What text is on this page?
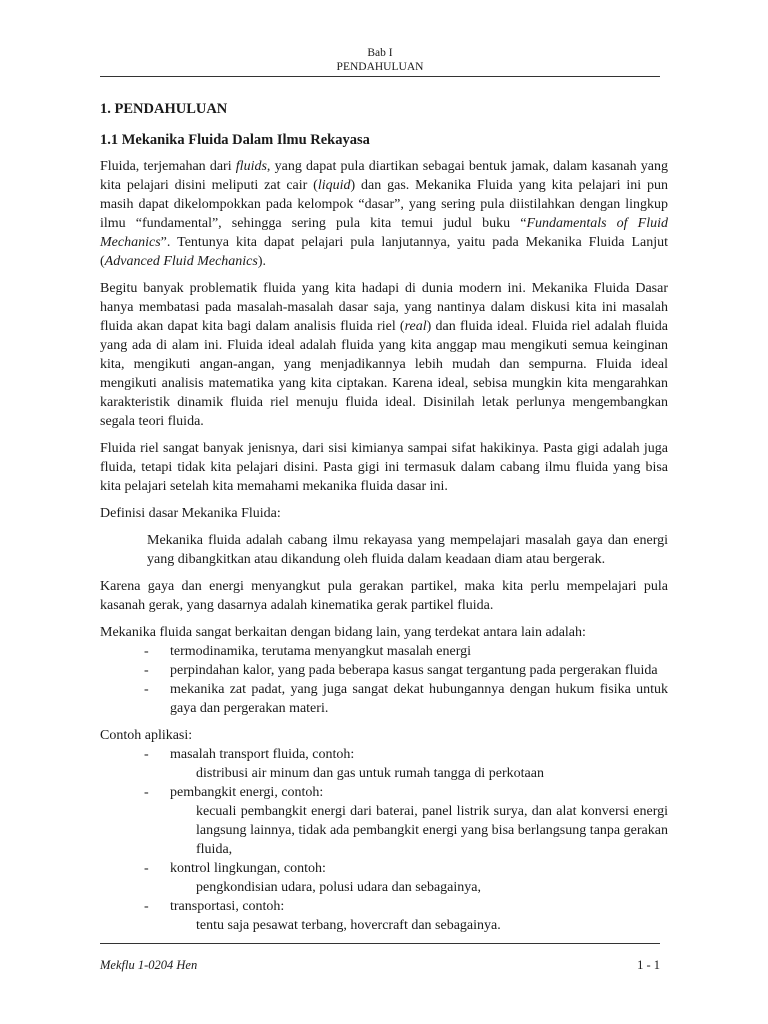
Bab I
PENDAHULUAN
1. PENDAHULUAN
1.1 Mekanika Fluida Dalam Ilmu Rekayasa

Fluida, terjemahan dari fluids, yang dapat pula diartikan sebagai bentuk jamak, dalam kasanah yang kita pelajari disini meliputi zat cair (liquid) dan gas. Mekanika Fluida yang kita pelajari ini pun masih dapat dikelompokkan pada kelompok “dasar”, yang sering pula diistilahkan dengan lingkup ilmu “fundamental”, sehingga sering pula kita temui judul buku “Fundamentals of Fluid Mechanics”. Tentunya kita dapat pelajari pula lanjutannya, yaitu pada Mekanika Fluida Lanjut (Advanced Fluid Mechanics).

Begitu banyak problematik fluida yang kita hadapi di dunia modern ini. Mekanika Fluida Dasar hanya membatasi pada masalah-masalah dasar saja, yang nantinya dalam diskusi kita ini masalah fluida akan dapat kita bagi dalam analisis fluida riel (real) dan fluida ideal. Fluida riel adalah fluida yang ada di alam ini. Fluida ideal adalah fluida yang kita anggap mau mengikuti semua keinginan kita, mengikuti angan-angan, yang menjadikannya lebih mudah dan sempurna. Fluida ideal mengikuti analisis matematika yang kita ciptakan. Karena ideal, sebisa mungkin kita mengarahkan karakteristik dinamik fluida riel menuju fluida ideal. Disinilah letak perlunya mengembangkan segala teori fluida.

Fluida riel sangat banyak jenisnya, dari sisi kimianya sampai sifat hakikinya. Pasta gigi adalah juga fluida, tetapi tidak kita pelajari disini. Pasta gigi ini termasuk dalam cabang ilmu fluida yang bisa kita pelajari setelah kita memahami mekanika fluida dasar ini.

Definisi dasar Mekanika Fluida:

Mekanika fluida adalah cabang ilmu rekayasa yang mempelajari masalah gaya dan energi yang dibangkitkan atau dikandung oleh fluida dalam keadaan diam atau bergerak.

Karena gaya dan energi menyangkut pula gerakan partikel, maka kita perlu mempelajari pula kasanah gerak, yang dasarnya adalah kinematika gerak partikel fluida.

Mekanika fluida sangat berkaitan dengan bidang lain, yang terdekat antara lain adalah:
-	termodinamika, terutama menyangkut masalah energi
-	perpindahan kalor, yang pada beberapa kasus sangat tergantung pada pergerakan fluida
-	mekanika zat padat, yang juga sangat dekat hubungannya dengan hukum fisika untuk gaya dan pergerakan materi.
Contoh aplikasi:
-	masalah transport fluida, contoh:
distribusi air minum dan gas untuk rumah tangga di perkotaan
-	pembangkit energi, contoh:
kecuali pembangkit energi dari baterai, panel listrik surya, dan alat konversi energi langsung lainnya, tidak ada pembangkit energi yang bisa berlangsung tanpa gerakan fluida,
-	kontrol lingkungan, contoh:
pengkondisian udara, polusi udara dan sebagainya,
-	transportasi, contoh:
tentu saja pesawat terbang, hovercraft dan sebagainya.
Mekflu 1-0204 Hen	1 - 1
